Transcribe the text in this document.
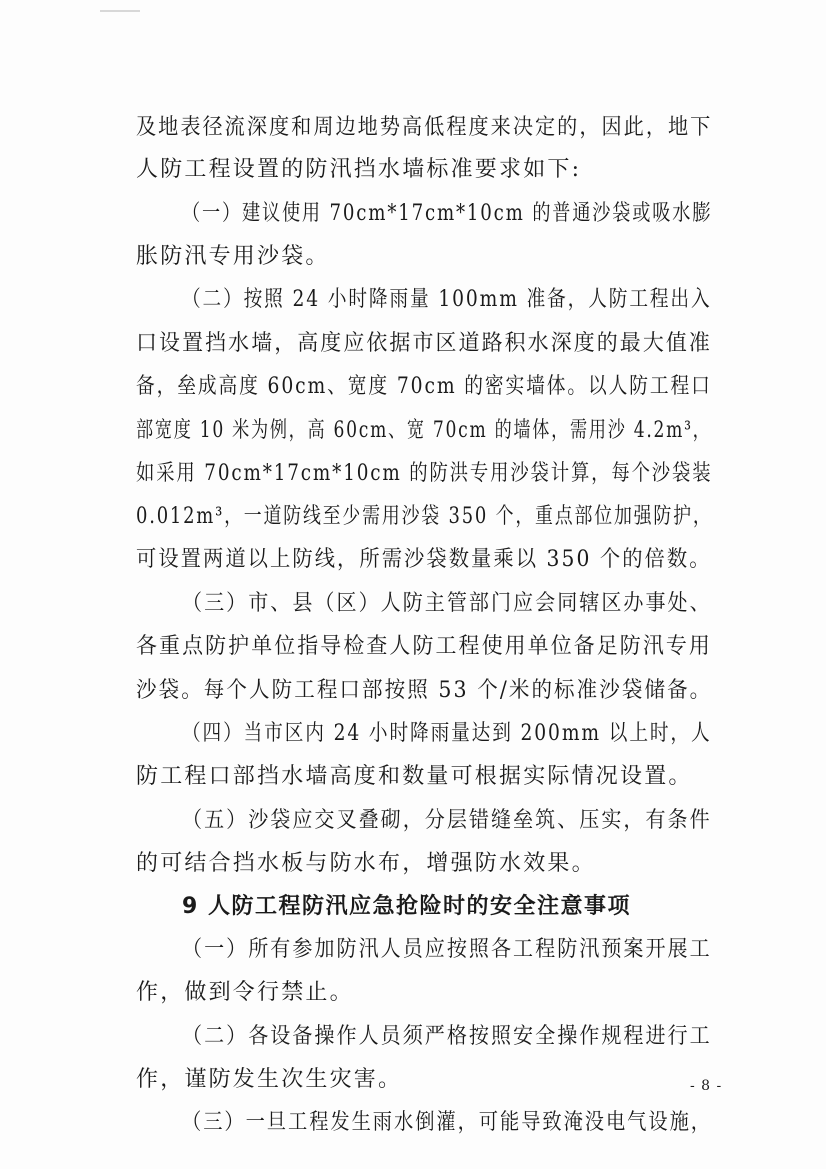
及地表径流深度和周边地势高低程度来决定的，因此，地下
人防工程设置的防汛挡水墙标准要求如下:
（一）建议使用 70cm*17cm*10cm 的普通沙袋或吸水膨
胀防汛专用沙袋。
（二）按照 24 小时降雨量 100mm 准备，人防工程出入
口设置挡水墙，高度应依据市区道路积水深度的最大值准
备，垒成高度 60cm、宽度 70cm 的密实墙体。以人防工程口
部宽度 10 米为例，高 60cm、宽 70cm 的墙体，需用沙 4.2m³，
如采用 70cm*17cm*10cm 的防洪专用沙袋计算，每个沙袋装
0.012m³，一道防线至少需用沙袋 350 个，重点部位加强防护，
可设置两道以上防线，所需沙袋数量乘以 350 个的倍数。
（三）市、县（区）人防主管部门应会同辖区办事处、
各重点防护单位指导检查人防工程使用单位备足防汛专用
沙袋。每个人防工程口部按照 53 个/米的标准沙袋储备。
（四）当市区内 24 小时降雨量达到 200mm 以上时，人
防工程口部挡水墙高度和数量可根据实际情况设置。
（五）沙袋应交叉叠砌，分层错缝垒筑、压实，有条件
的可结合挡水板与防水布，增强防水效果。
9 人防工程防汛应急抢险时的安全注意事项
（一）所有参加防汛人员应按照各工程防汛预案开展工
作，做到令行禁止。
（二）各设备操作人员须严格按照安全操作规程进行工
作，谨防发生次生灾害。
（三）一旦工程发生雨水倒灌，可能导致淹没电气设施，
- 8 -
